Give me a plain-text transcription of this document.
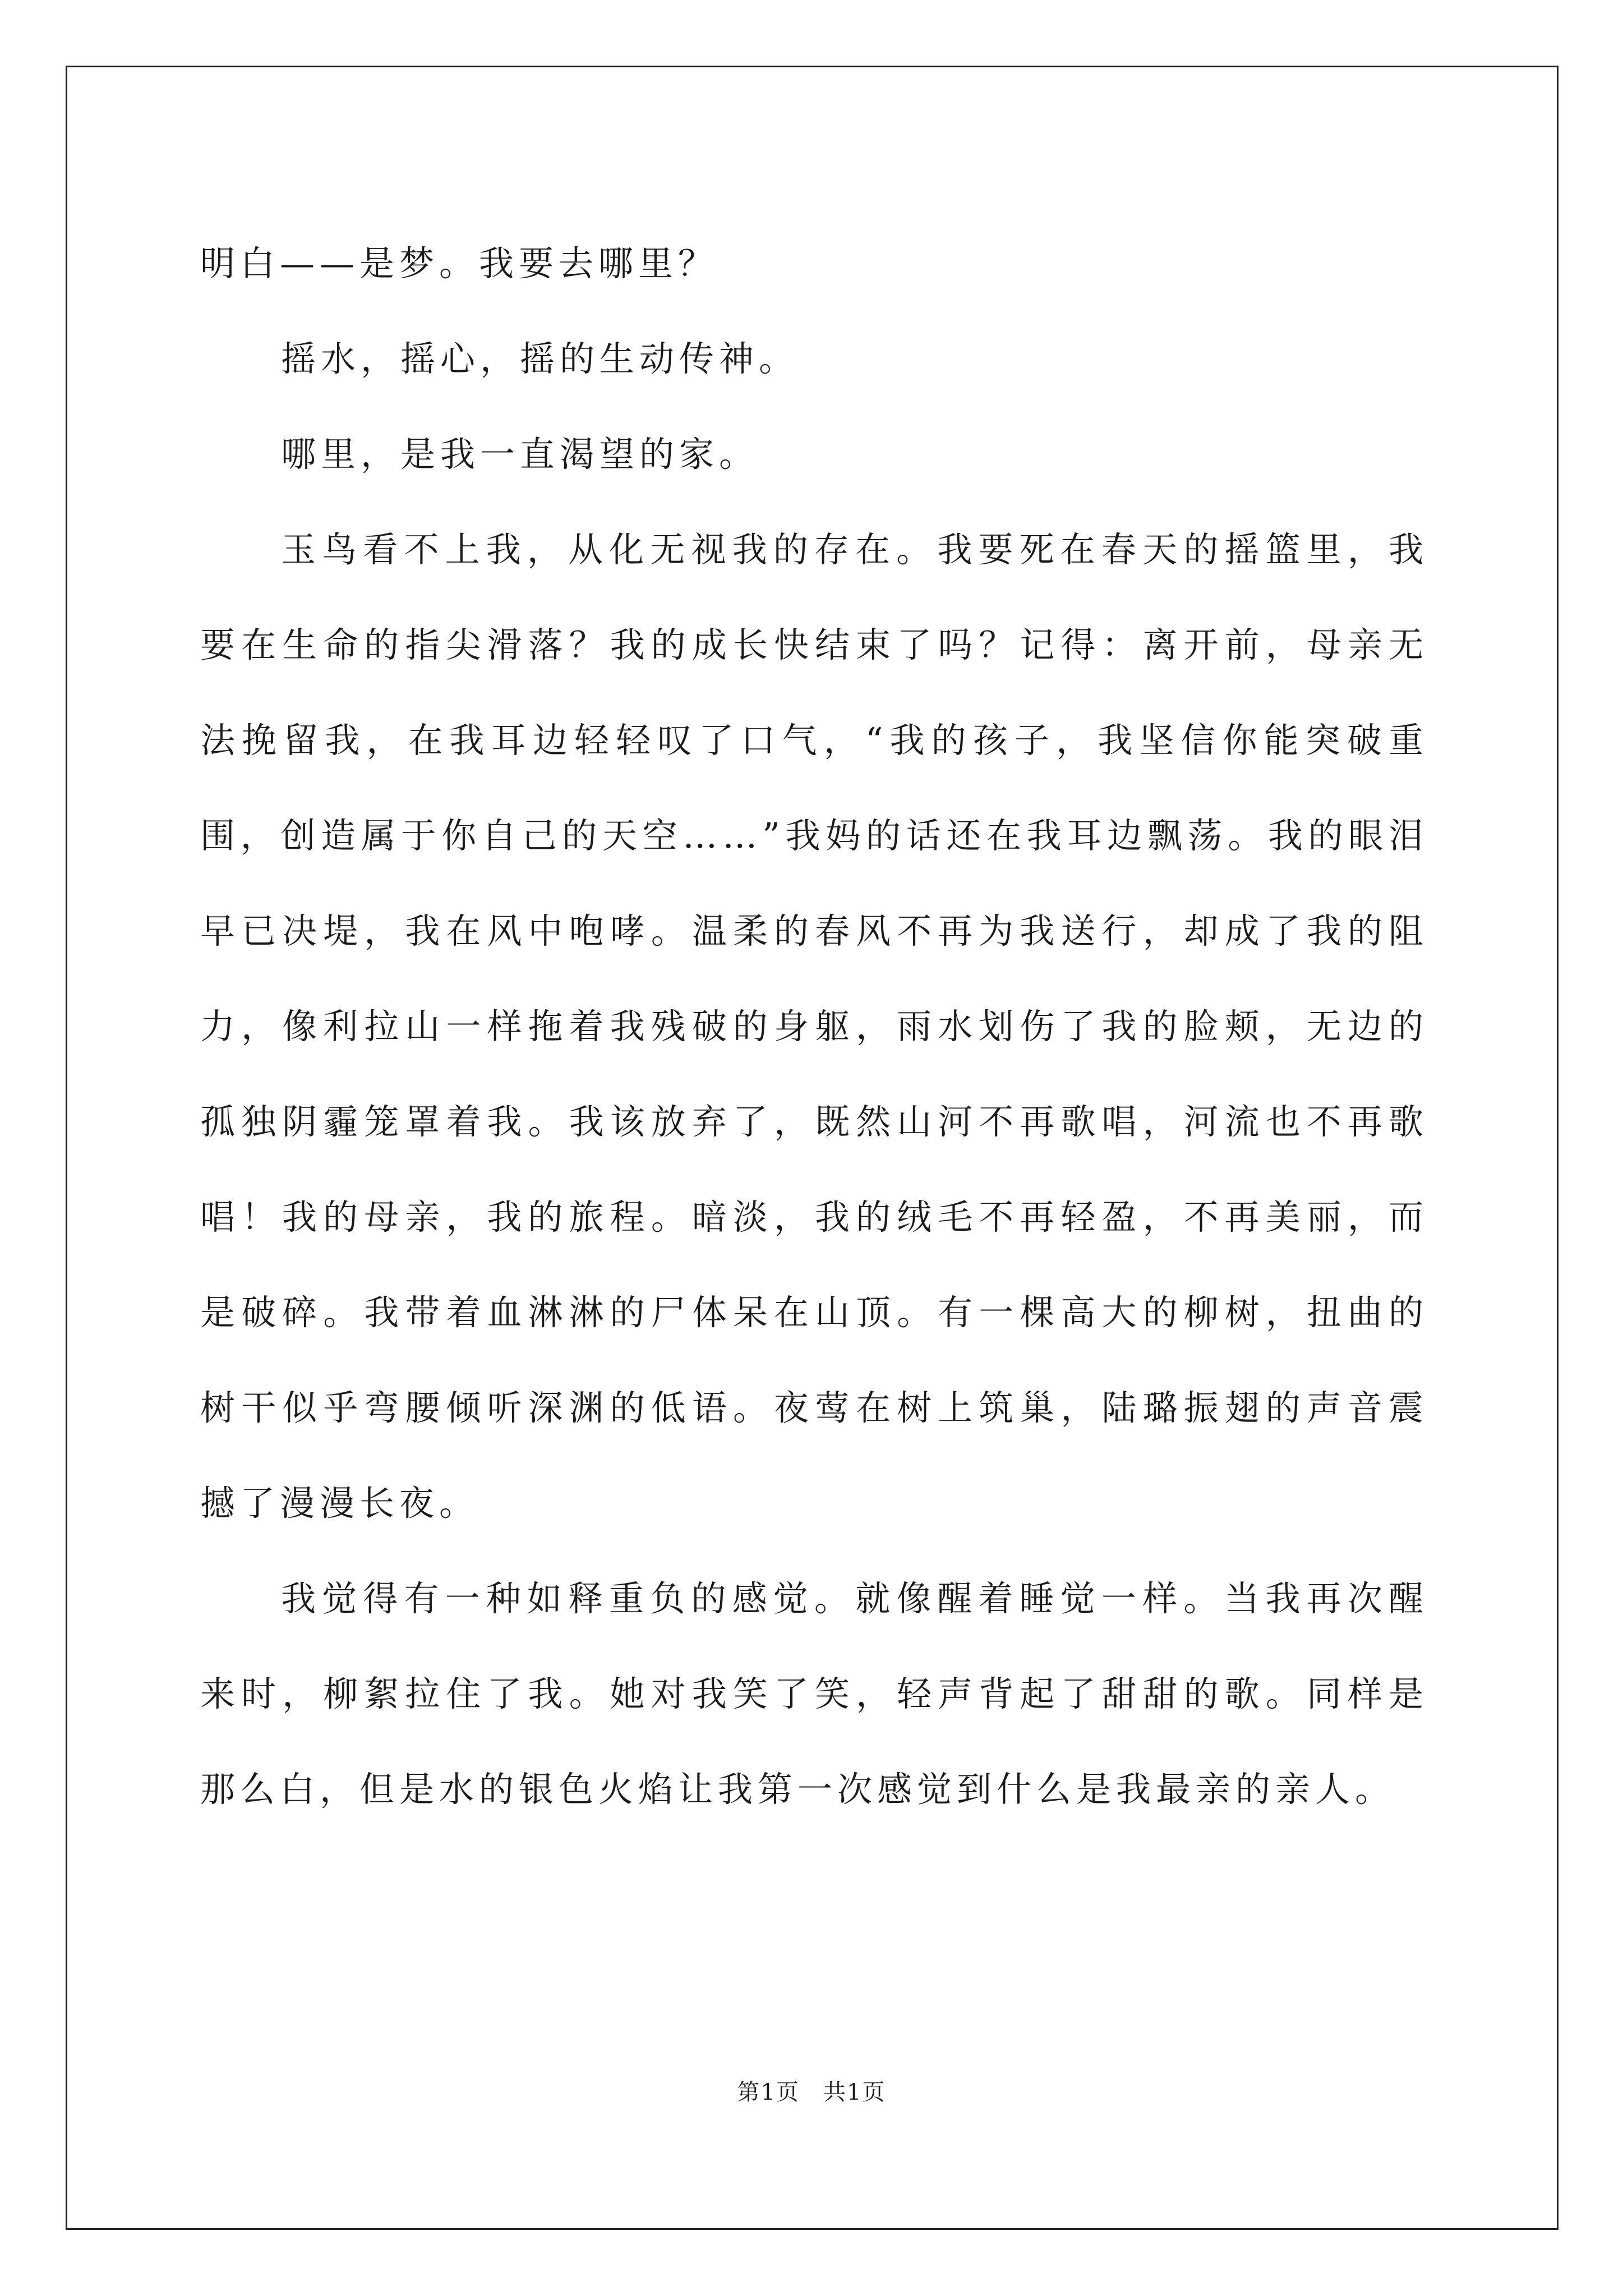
明白——是梦。我要去哪里？

摇水，摇心，摇的生动传神。

哪里，是我一直渴望的家。

玉鸟看不上我，从化无视我的存在。我要死在春天的摇篮里，我要在生命的指尖滑落？我的成长快结束了吗？记得：离开前，母亲无法挽留我，在我耳边轻轻叹了口气，“我的孩子，我坚信你能突破重围，创造属于你自己的天空……”我妈的话还在我耳边飘荡。我的眼泪早已决堤，我在风中咆哮。温柔的春风不再为我送行，却成了我的阻力，像利拉山一样拖着我残破的身躯，雨水划伤了我的脸颊，无边的孤独阴霾笼罩着我。我该放弃了，既然山河不再歌唱，河流也不再歌唱！我的母亲，我的旅程。暗淡，我的绒毛不再轻盈，不再美丽，而是破碎。我带着血淋淋的尸体呆在山顶。有一棵高大的柳树，扭曲的树干似乎弯腰倾听深渊的低语。夜莺在树上筑巢，陆璐振翅的声音震撼了漫漫长夜。

我觉得有一种如释重负的感觉。就像醒着睡觉一样。当我再次醒来时，柳絮拉住了我。她对我笑了笑，轻声背起了甜甜的歌。同样是那么白，但是水的银色火焰让我第一次感觉到什么是我最亲的亲人。

第1页　共1页
